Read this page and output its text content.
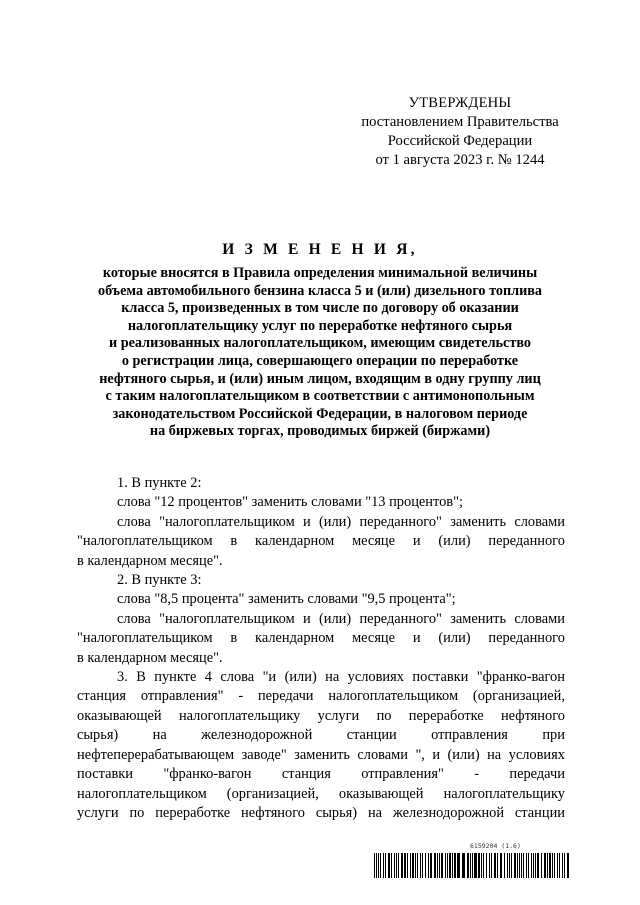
УТВЕРЖДЕНЫ
постановлением Правительства
Российской Федерации
от 1 августа 2023 г. № 1244
И З М Е Н Е Н И Я,
которые вносятся в Правила определения минимальной величины
объема автомобильного бензина класса 5 и (или) дизельного топлива
класса 5, произведенных в том числе по договору об оказании
налогоплательщику услуг по переработке нефтяного сырья
и реализованных налогоплательщиком, имеющим свидетельство
о регистрации лица, совершающего операции по переработке
нефтяного сырья, и (или) иным лицом, входящим в одну группу лиц
с таким налогоплательщиком в соответствии с антимонопольным
законодательством Российской Федерации, в налоговом периоде
на биржевых торгах, проводимых биржей (биржами)
1. В пункте 2:
слова "12 процентов" заменить словами "13 процентов";
слова "налогоплательщиком и (или) переданного" заменить словами
"налогоплательщиком в календарном месяце и (или) переданного
в календарном месяце".
2. В пункте 3:
слова "8,5 процента" заменить словами "9,5 процента";
слова "налогоплательщиком и (или) переданного" заменить словами
"налогоплательщиком в календарном месяце и (или) переданного
в календарном месяце".
3. В пункте 4 слова "и (или) на условиях поставки "франко-вагон
станция отправления" - передачи налогоплательщиком (организацией,
оказывающей налогоплательщику услуги по переработке нефтяного
сырья) на железнодорожной станции отправления при
нефтеперерабатывающем заводе" заменить словами ", и (или) на условиях
поставки "франко-вагон станция отправления" - передачи
налогоплательщиком (организацией, оказывающей налогоплательщику
услуги по переработке нефтяного сырья) на железнодорожной станции
6159204 (1.6)
